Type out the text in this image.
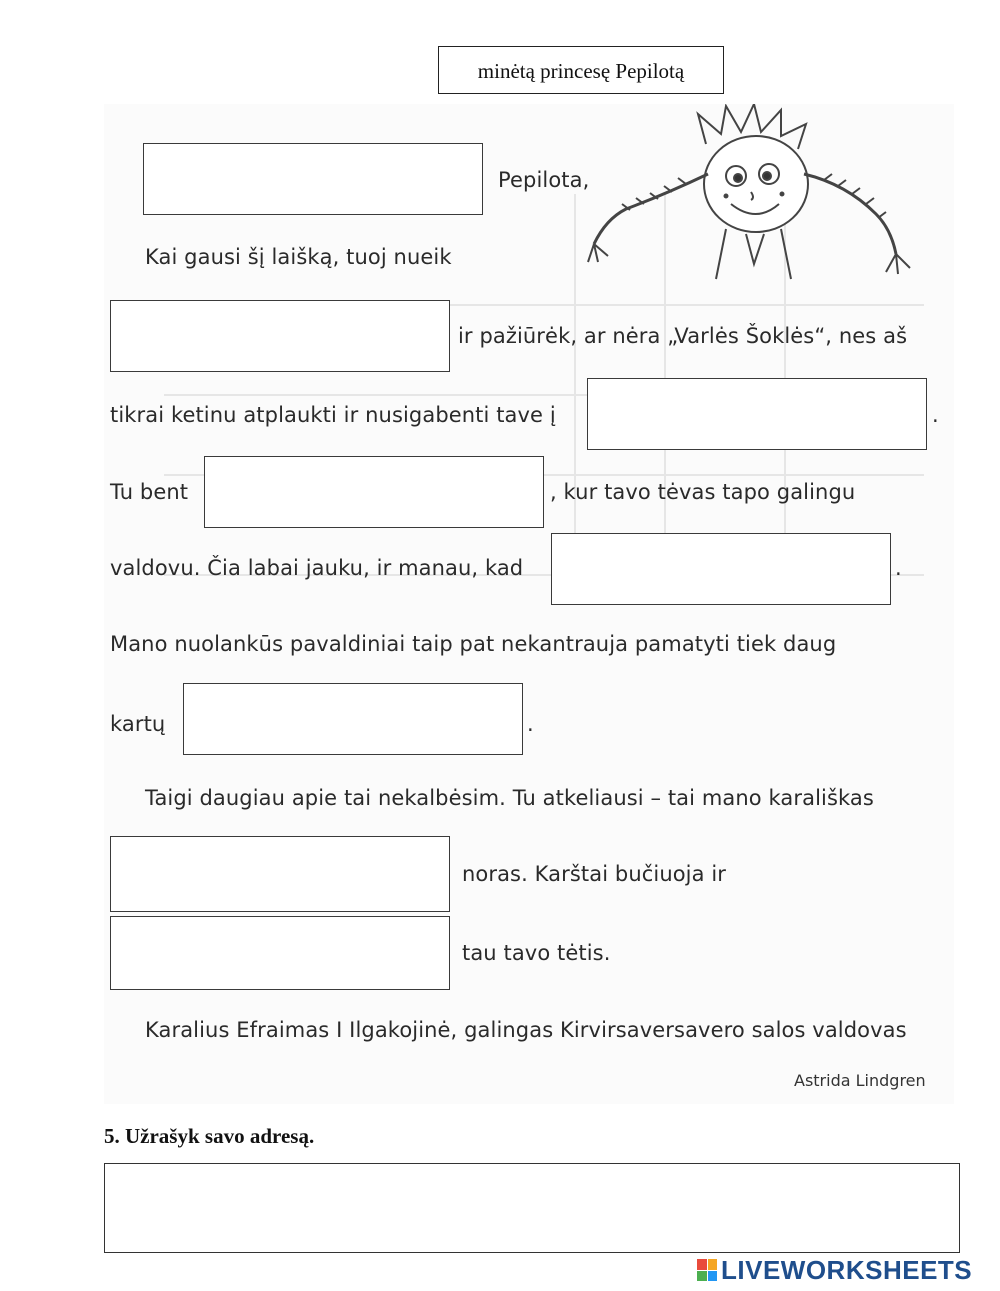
minėtą princesę Pepilotą
Pepilota,
Kai gausi šį laišką, tuoj nueik
ir pažiūrėk, ar nėra „Varlės Šoklės“, nes aš
tikrai ketinu atplaukti ir nusigabenti tave į	.
Tu bent	, kur tavo tėvas tapo galingu
valdovu. Čia labai jauku, ir manau, kad	.
Mano nuolankūs pavaldiniai taip pat nekantrauja pamatyti tiek daug
kartų	.
Taigi daugiau apie tai nekalbėsim. Tu atkeliausi – tai mano karališkas
noras. Karštai bučiuoja ir
tau tavo tėtis.
Karalius Efraimas I Ilgakojinė, galingas Kirvirsaversavero salos valdovas
Astrida Lindgren
5. Užrašyk savo adresą.
LIVEWORKSHEETS
